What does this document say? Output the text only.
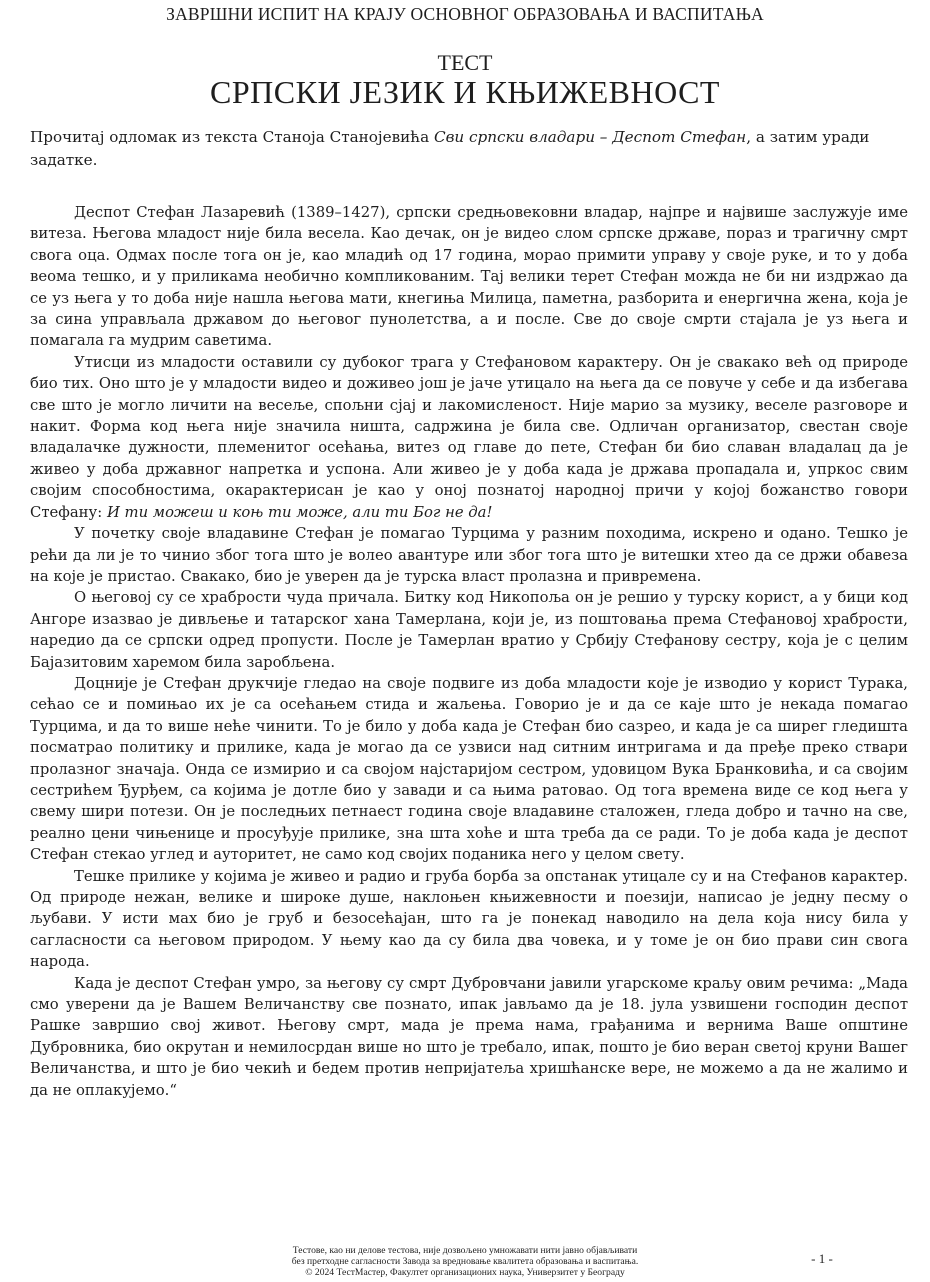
ЗАВРШНИ ИСПИТ НА КРАЈУ ОСНОВНОГ ОБРАЗОВАЊА И ВАСПИТАЊА
ТЕСТ
СРПСКИ ЈЕЗИК И КЊИЖЕВНОСТ
Прочитај одломак из текста Станоја Станојевића Сви српски владари – Деспот Стефан, а затим уради задатке.

Деспот Стефан Лазаревић (1389–1427), српски средњовековни владар, најпре и највише заслужује име витеза. Његова младост није била весела. Као дечак, он је видео слом српске државе, пораз и трагичну смрт свога оца. Одмах после тога он је, као младић од 17 година, морао примити управу у своје руке, и то у доба веома тешко, и у приликама необично компликованим. Тај велики терет Стефан можда не би ни издржао да се уз њега у то доба није нашла његова мати, кнегиња Милица, паметна, разборита и енергична жена, која је за сина управљала државом до његовог пунолетства, а и после. Све до своје смрти стајала је уз њега и помагала га мудрим саветима.

Утисци из младости оставили су дубоког трага у Стефановом карактеру. Он је свакако већ од природе био тих. Оно што је у младости видео и доживео још је јаче утицало на њега да се повуче у себе и да избегава све што је могло личити на весеље, спољни сјај и лакомисленост. Није марио за музику, веселе разговоре и накит. Форма код њега није значила ништа, садржина је била све. Одличан организатор, свестан своје владалачке дужности, племенитог осећања, витез од главе до пете, Стефан би био славан владалац да је живео у доба државног напретка и успона. Али живео је у доба када је држава пропадала и, упркос свим својим способностима, окарактерисан је као у оној познатој народној причи у којој божанство говори Стефану: И ти можеш и коњ ти може, али ти Бог не да!

У почетку своје владавине Стефан је помагао Турцима у разним походима, искрено и одано. Тешко је рећи да ли је то чинио због тога што је волео авантуре или због тога што је витешки хтео да се држи обавеза на које је пристао. Свакако, био је уверен да је турска власт пролазна и привремена.

О његовој су се храбрости чуда причала. Битку код Никопоља он је решио у турску корист, а у бици код Ангоре изазвао је дивљење и татарског хана Тамерлана, који је, из поштовања према Стефановој храбрости, наредио да се српски одред пропусти. После је Тамерлан вратио у Србију Стефанову сестру, која је с целим Бајазитовим харемом била заробљена.

Доцније је Стефан друкчије гледао на своје подвиге из доба младости које је изводио у корист Турака, сећао се и помињао их је са осећањем стида и жаљења. Говорио је и да се каје што је некада помагао Турцима, и да то више неће чинити. То је било у доба када је Стефан био сазрео, и када је са ширег гледишта посматрао политику и прилике, када је могао да се узвиси над ситним интригама и да пређе преко ствари пролазног значаја. Онда се измирио и са својом најстаријом сестром, удовицом Вука Бранковића, и са својим сестрићем Ђурђем, са којима је дотле био у завади и са њима ратовао. Од тога времена виде се код њега у свему шири потези. Он је последњих петнаест година своје владавине сталожен, гледа добро и тачно на све, реално цени чињенице и просуђује прилике, зна шта хоће и шта треба да се ради. То је доба када је деспот Стефан стекао углед и ауторитет, не само код својих поданика него у целом свету.

Тешке прилике у којима је живео и радио и груба борба за опстанак утицале су и на Стефанов карактер. Од природе нежан, велике и широке душе, наклоњен књижевности и поезији, написао је једну песму о љубави. У исти мах био је груб и безосећајан, што га је понекад наводило на дела која нису била у сагласности са његовом природом. У њему као да су била два човека, и у томе је он био прави син свога народа.

Када је деспот Стефан умро, за његову су смрт Дубровчани јавили угарскоме краљу овим речима: „Мада смо уверени да је Вашем Величанству све познато, ипак јављамо да је 18. јула узвишени господин деспот Рашке завршио свој живот. Његову смрт, мада је према нама, грађанима и вернима Ваше општине Дубровника, био окрутан и немилосрдан више но што је требало, ипак, пошто је био веран светој круни Вашег Величанства, и што је био чекић и бедем против непријатеља хришћанске вере, не можемо а да не жалимо и да не оплакујемо.“

Тестове, као ни делове тестова, није дозвољено умножавати нити јавно објављивати
без претходне сагласности Завода за вредновање квалитета образовања и васпитања.
© 2024 ТестМастер, Факултет организационих наука, Универзитет у Београду
- 1 -
